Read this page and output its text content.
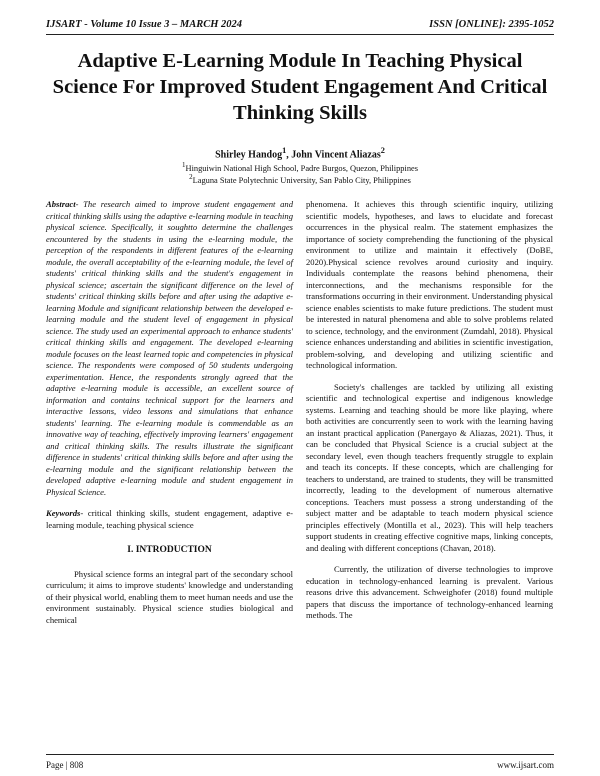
IJSART - Volume 10 Issue 3 – MARCH 2024	ISSN [ONLINE]: 2395-1052
Adaptive E-Learning Module In Teaching Physical Science For Improved Student Engagement And Critical Thinking Skills
Shirley Handog$^1$, John Vincent Aliazas$^2$
$^1$Hinguiwin National High School, Padre Burgos, Quezon, Philippines
$^2$Laguna State Polytechnic University, San Pablo City, Philippines

Abstract- The research aimed to improve student engagement and critical thinking skills using the adaptive e-learning module in teaching physical science. Specifically, it soughtto determine the challenges encountered by the students in using the e-learning module, the perception of the respondents in different features of the e-learning module, the overall acceptability of the e-learning module, the level of students' critical thinking skills and the student's engagement in physical science; ascertain the significant difference on the level of students' critical thinking skills before and after using the adaptive e-learning Module and significant relationship between the developed e-learning module and the student level of engagement in physical science. The study used an experimental approach to enhance students' critical thinking skills and engagement. The developed e-learning module focuses on the least learned topic and competencies in physical science. The respondents were composed of 50 students undergoing experimentation. Hence, the respondents strongly agreed that the adaptive e-learning module is accessible, an excellent source of information and contains technical support for the learners and interactive lessons, video lessons and simulations that enhance students' learning. The e-learning module is commendable as an innovative way of teaching, effectively improving learners' engagement and critical thinking skills. The results illustrate the significant difference in students' critical thinking skills before and after using the e-learning module and the significant relationship between the developed adaptive e-learning module and student engagement in Physical Science.

Keywords- critical thinking skills, student engagement, adaptive e-learning module, teaching physical science

I. INTRODUCTION

Physical science forms an integral part of the secondary school curriculum; it aims to improve students' knowledge and understanding of their physical world, enabling them to meet human needs and use the environment sustainably. Physical science studies biological and chemical

phenomena. It achieves this through scientific inquiry, utilizing scientific models, hypotheses, and laws to elucidate and forecast occurrences in the physical realm. The statement emphasizes the importance of society comprehending the functioning of the physical environment to utilize and maintain it effectively (DoBE, 2020).Physical science revolves around curiosity and inquiry. Individuals contemplate the reasons behind phenomena, their interconnections, and the mechanisms responsible for the transformations occurring in their environment. Understanding physical science enables scientists to make future predictions. The student must be interested in natural phenomena and able to solve problems related to science, technology, and the environment (Zumdahl, 2018). Physical science enhances understanding and abilities in scientific investigation, problem-solving, and developing and utilizing scientific and technological information.

Society's challenges are tackled by utilizing all existing scientific and technological expertise and indigenous knowledge systems. Learning and teaching should be more like playing, where both activities are concurrently seen to work with the learning having an instant practical application (Panergayo & Aliazas, 2021). Thus, it can be concluded that Physical Science is a crucial subject at the secondary level, even though teachers frequently struggle to explain and teach its concepts. If these concepts, which are challenging for teachers to understand, are trained to students, they will be transmitted incorrectly, leading to the development of numerous alternative conceptions. Teachers must possess a strong understanding of the subject matter and be adaptable to teach modern physical science principles effectively (Montilla et al., 2023). This will help teachers support students in creating effective cognitive maps, linking concepts, and dealing with different conceptions (Chavan, 2018).

Currently, the utilization of diverse technologies to improve education in technology-enhanced learning is prevalent. Various reasons drive this advancement. Schweighofer (2018) found multiple papers that discuss the importance of technology-enhanced learning methods. The

Page | 808	www.ijsart.com
